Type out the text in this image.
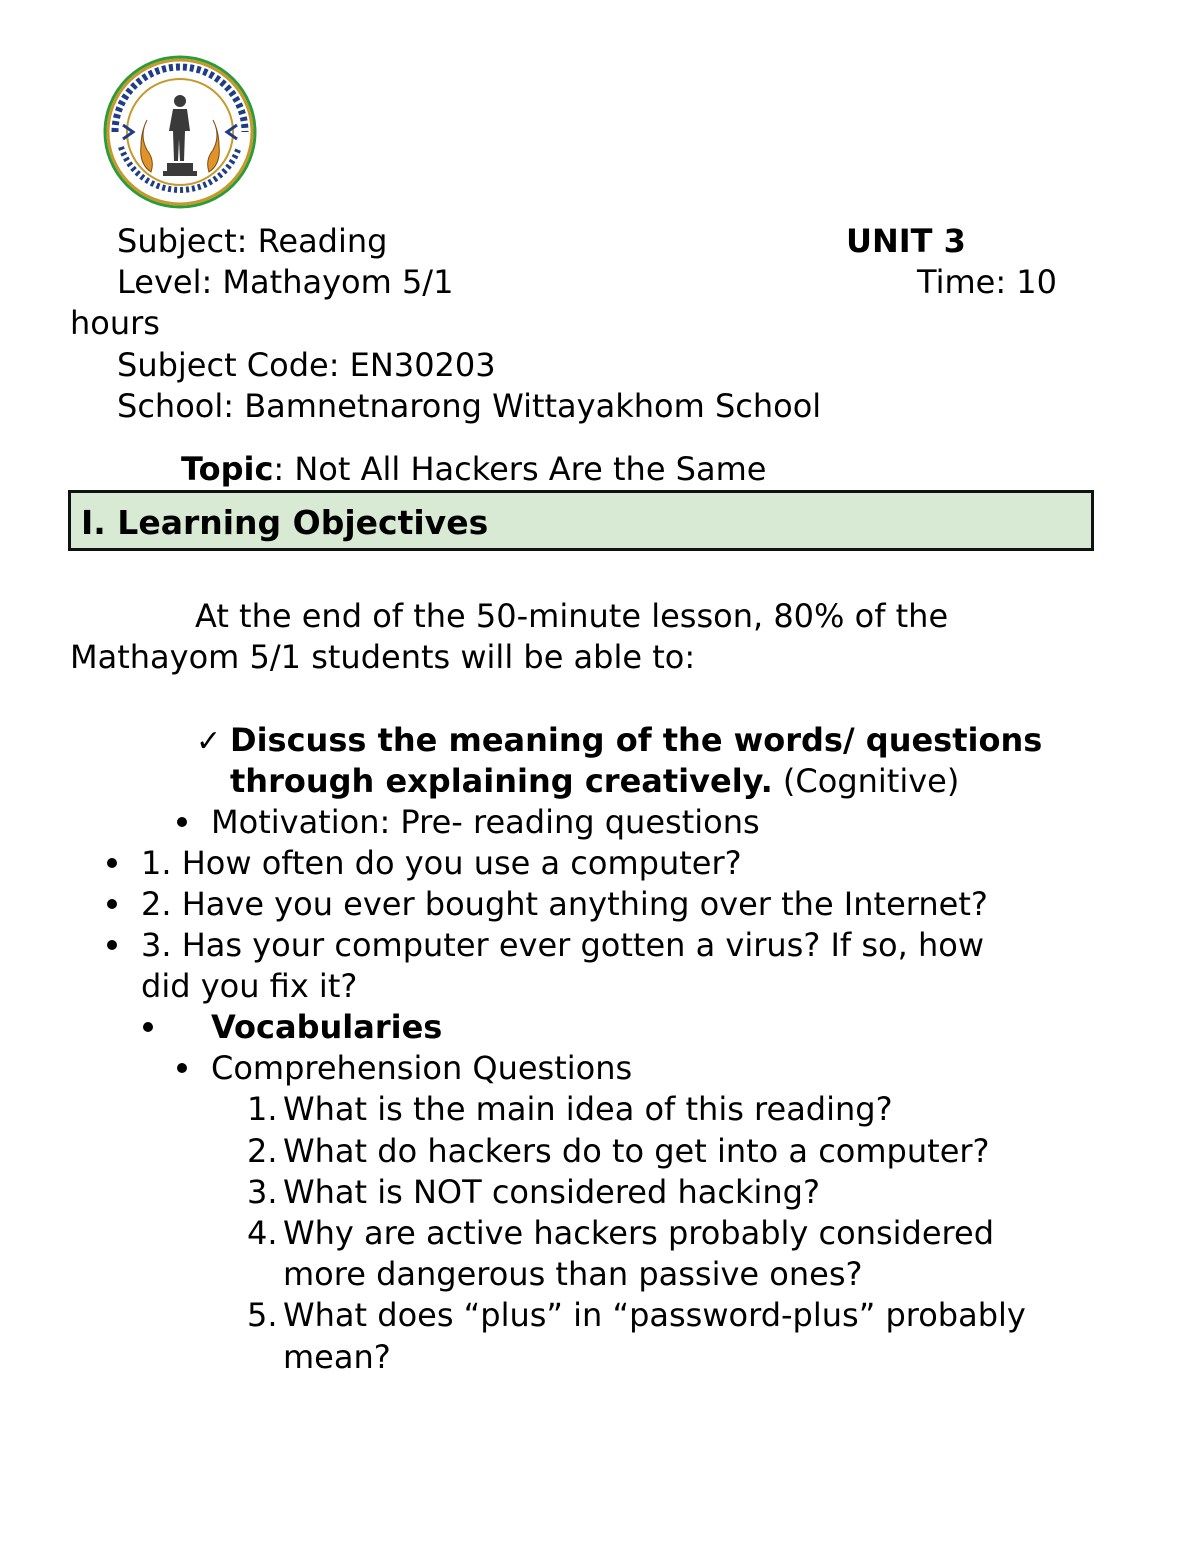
Subject: Reading	UNIT 3
Level: Mathayom 5/1	Time: 10
hours
Subject Code: EN30203
School: Bamnetnarong Wittayakhom School
Topic: Not All Hackers Are the Same
I. Learning Objectives
At the end of the 50-minute lesson, 80% of the
Mathayom 5/1 students will be able to:
✓ Discuss the meaning of the words/ questions
through explaining creatively. (Cognitive)
Motivation: Pre- reading questions
1. How often do you use a computer?
2. Have you ever bought anything over the Internet?
3. Has your computer ever gotten a virus? If so, how
did you fix it?
Vocabularies
Comprehension Questions
1. What is the main idea of this reading?
2. What do hackers do to get into a computer?
3. What is NOT considered hacking?
4. Why are active hackers probably considered
more dangerous than passive ones?
5. What does “plus” in “password-plus” probably
mean?
